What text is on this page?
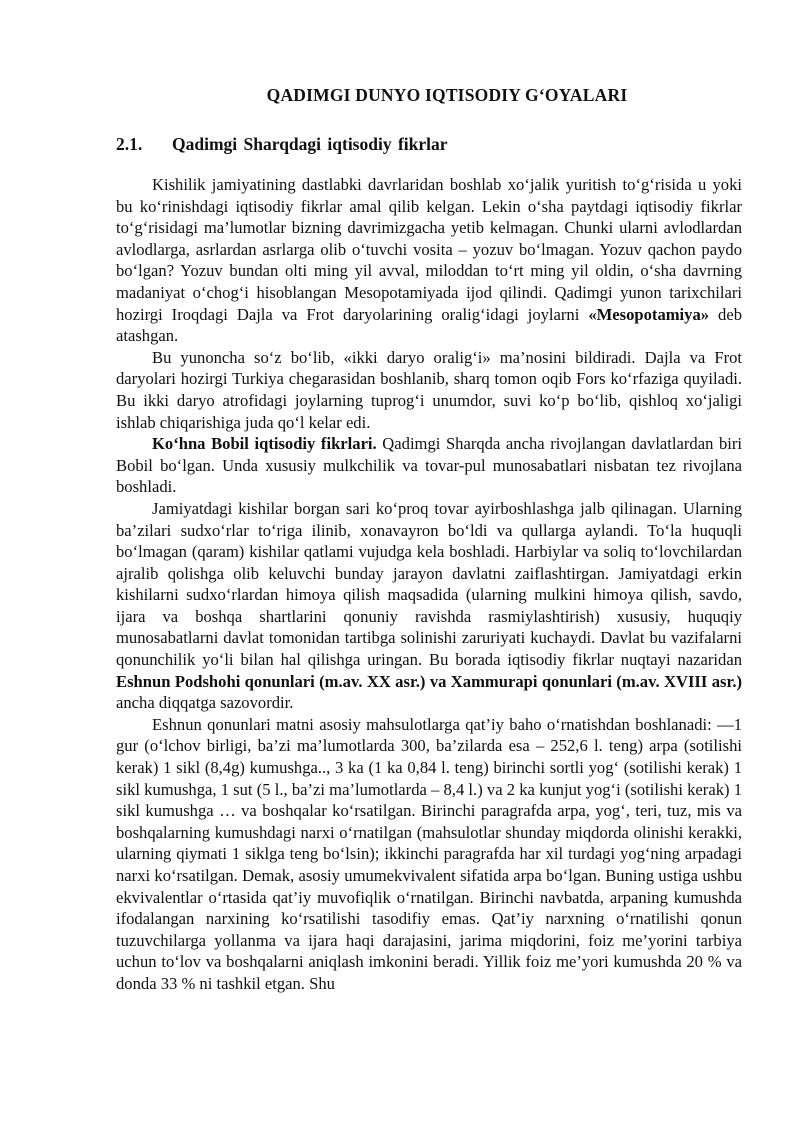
QADIMGI DUNYO IQTISODIY G‘OYALARI
2.1.	Qadimgi Sharqdagi iqtisodiy fikrlar

Kishilik jamiyatining dastlabki davrlaridan boshlab xo‘jalik yuritish to‘g‘risida u yoki bu ko‘rinishdagi iqtisodiy fikrlar amal qilib kelgan. Lekin o‘sha paytdagi iqtisodiy fikrlar to‘g‘risidagi ma’lumotlar bizning davrimizgacha yetib kelmagan. Chunki ularni avlodlardan avlodlarga, asrlardan asrlarga olib o‘tuvchi vosita – yozuv bo‘lmagan. Yozuv qachon paydo bo‘lgan? Yozuv bundan olti ming yil avval, miloddan to‘rt ming yil oldin, o‘sha davrning madaniyat o‘chog‘i hisoblangan Mesopotamiyada ijod qilindi. Qadimgi yunon tarixchilari hozirgi Iroqdagi Dajla va Frot daryolarining oralig‘idagi joylarni «Mesopotamiya» deb atashgan.

Bu yunoncha so‘z bo‘lib, «ikki daryo oralig‘i» ma’nosini bildiradi. Dajla va Frot daryolari hozirgi Turkiya chegarasidan boshlanib, sharq tomon oqib Fors ko‘rfaziga quyiladi. Bu ikki daryo atrofidagi joylarning tuprog‘i unumdor, suvi ko‘p bo‘lib, qishloq xo‘jaligi ishlab chiqarishiga juda qo‘l kelar edi.

Ko‘hna Bobil iqtisodiy fikrlari. Qadimgi Sharqda ancha rivojlangan davlatlardan biri Bobil bo‘lgan. Unda xususiy mulkchilik va tovar-pul munosabatlari nisbatan tez rivojlana boshladi.

Jamiyatdagi kishilar borgan sari ko‘proq tovar ayirboshlashga jalb qilinagan. Ularning ba’zilari sudxo‘rlar to‘riga ilinib, xonavayron bo‘ldi va qullarga aylandi. To‘la huquqli bo‘lmagan (qaram) kishilar qatlami vujudga kela boshladi. Harbiylar va soliq to‘lovchilardan ajralib qolishga olib keluvchi bunday jarayon davlatni zaiflashtirgan. Jamiyatdagi erkin kishilarni sudxo‘rlardan himoya qilish maqsadida (ularning mulkini himoya qilish, savdo, ijara va boshqa shartlarini qonuniy ravishda rasmiylashtirish) xususiy, huquqiy munosabatlarni davlat tomonidan tartibga solinishi zaruriyati kuchaydi. Davlat bu vazifalarni qonunchilik yo‘li bilan hal qilishga uringan. Bu borada iqtisodiy fikrlar nuqtayi nazaridan Eshnun Podshohi qonunlari (m.av. XX asr.) va Xammurapi qonunlari (m.av. XVIII asr.) ancha diqqatga sazovordir.

Eshnun qonunlari matni asosiy mahsulotlarga qat’iy baho o‘rnatishdan boshlanadi: —1 gur (o‘lchov birligi, ba’zi ma’lumotlarda 300, ba’zilarda esa – 252,6 l. teng) arpa (sotilishi kerak) 1 sikl (8,4g) kumushga.., 3 ka (1 ka 0,84 l. teng) birinchi sortli yog‘ (sotilishi kerak) 1 sikl kumushga, 1 sut (5 l., ba’zi ma’lumotlarda – 8,4 l.) va 2 ka kunjut yog‘i (sotilishi kerak) 1 sikl kumushga … va boshqalar ko‘rsatilgan. Birinchi paragrafda arpa, yog‘, teri, tuz, mis va boshqalarning kumushdagi narxi o‘rnatilgan (mahsulotlar shunday miqdorda olinishi kerakki, ularning qiymati 1 siklga teng bo‘lsin); ikkinchi paragrafda har xil turdagi yog‘ning arpadagi narxi ko‘rsatilgan. Demak, asosiy umumekvivalent sifatida arpa bo‘lgan. Buning ustiga ushbu ekvivalentlar o‘rtasida qat’iy muvofiqlik o‘rnatilgan. Birinchi navbatda, arpaning kumushda ifodalangan narxining ko‘rsatilishi tasodifiy emas. Qat’iy narxning o‘rnatilishi qonun tuzuvchilarga yollanma va ijara haqi darajasini, jarima miqdorini, foiz me’yorini tarbiya uchun to‘lov va boshqalarni aniqlash imkonini beradi. Yillik foiz me’yori kumushda 20 % va donda 33 % ni tashkil etgan. Shu
